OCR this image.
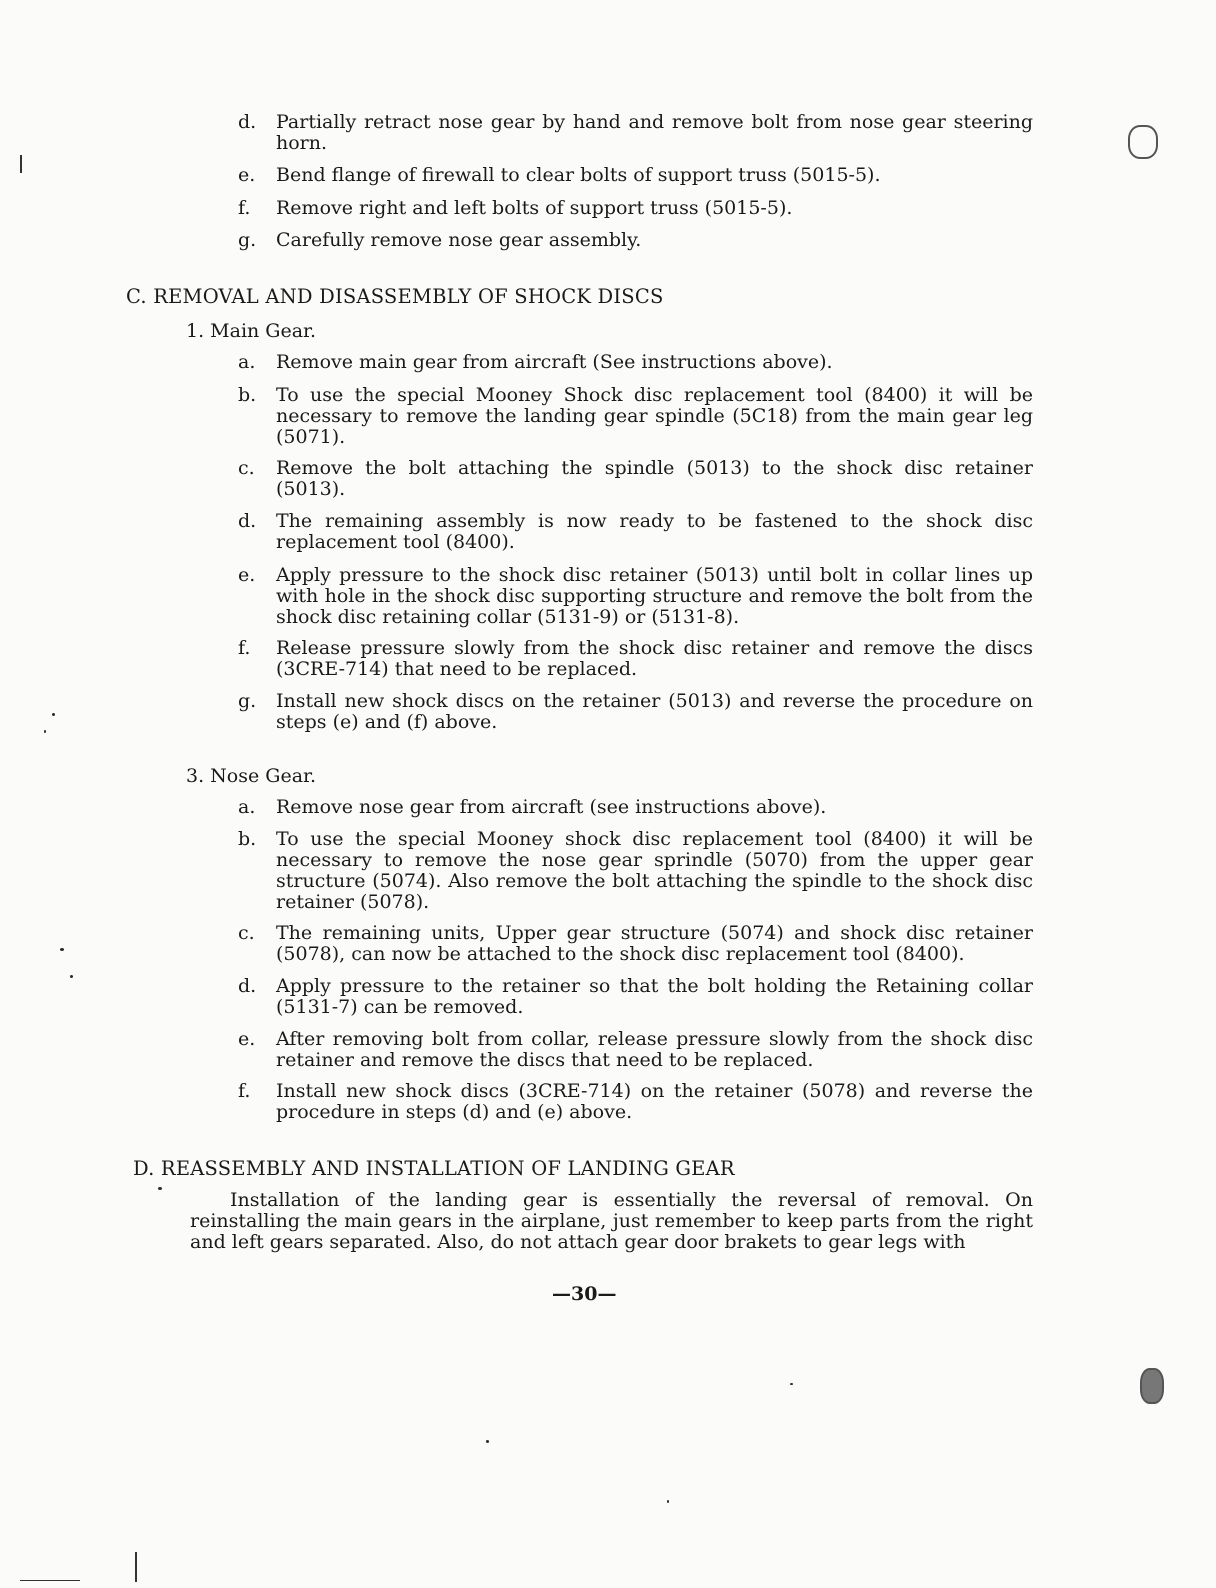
d.	Partially retract nose gear by hand and remove bolt from nose gear steering horn.
e.	Bend flange of firewall to clear bolts of support truss (5015-5).
f.	Remove right and left bolts of support truss (5015-5).
g.	Carefully remove nose gear assembly.
C. REMOVAL AND DISASSEMBLY OF SHOCK DISCS
1. Main Gear.
a.	Remove main gear from aircraft (See instructions above).
b.	To use the special Mooney Shock disc replacement tool (8400) it will be necessary to remove the landing gear spindle (5C18) from the main gear leg (5071).
c.	Remove the bolt attaching the spindle (5013) to the shock disc retainer (5013).
d.	The remaining assembly is now ready to be fastened to the shock disc replacement tool (8400).
e.	Apply pressure to the shock disc retainer (5013) until bolt in collar lines up with hole in the shock disc supporting structure and remove the bolt from the shock disc retaining collar (5131-9) or (5131-8).
f.	Release pressure slowly from the shock disc retainer and remove the discs (3CRE-714) that need to be replaced.
g.	Install new shock discs on the retainer (5013) and reverse the procedure on steps (e) and (f) above.
3. Nose Gear.
a.	Remove nose gear from aircraft (see instructions above).
b.	To use the special Mooney shock disc replacement tool (8400) it will be necessary to remove the nose gear sprindle (5070) from the upper gear structure (5074). Also remove the bolt attaching the spindle to the shock disc retainer (5078).
c.	The remaining units, Upper gear structure (5074) and shock disc retainer (5078), can now be attached to the shock disc replacement tool (8400).
d.	Apply pressure to the retainer so that the bolt holding the Retaining collar (5131-7) can be removed.
e.	After removing bolt from collar, release pressure slowly from the shock disc retainer and remove the discs that need to be replaced.
f.	Install new shock discs (3CRE-714) on the retainer (5078) and reverse the procedure in steps (d) and (e) above.
D. REASSEMBLY AND INSTALLATION OF LANDING GEAR
Installation of the landing gear is essentially the reversal of removal. On reinstalling the main gears in the airplane, just remember to keep parts from the right and left gears separated. Also, do not attach gear door brakets to gear legs with
—30—
